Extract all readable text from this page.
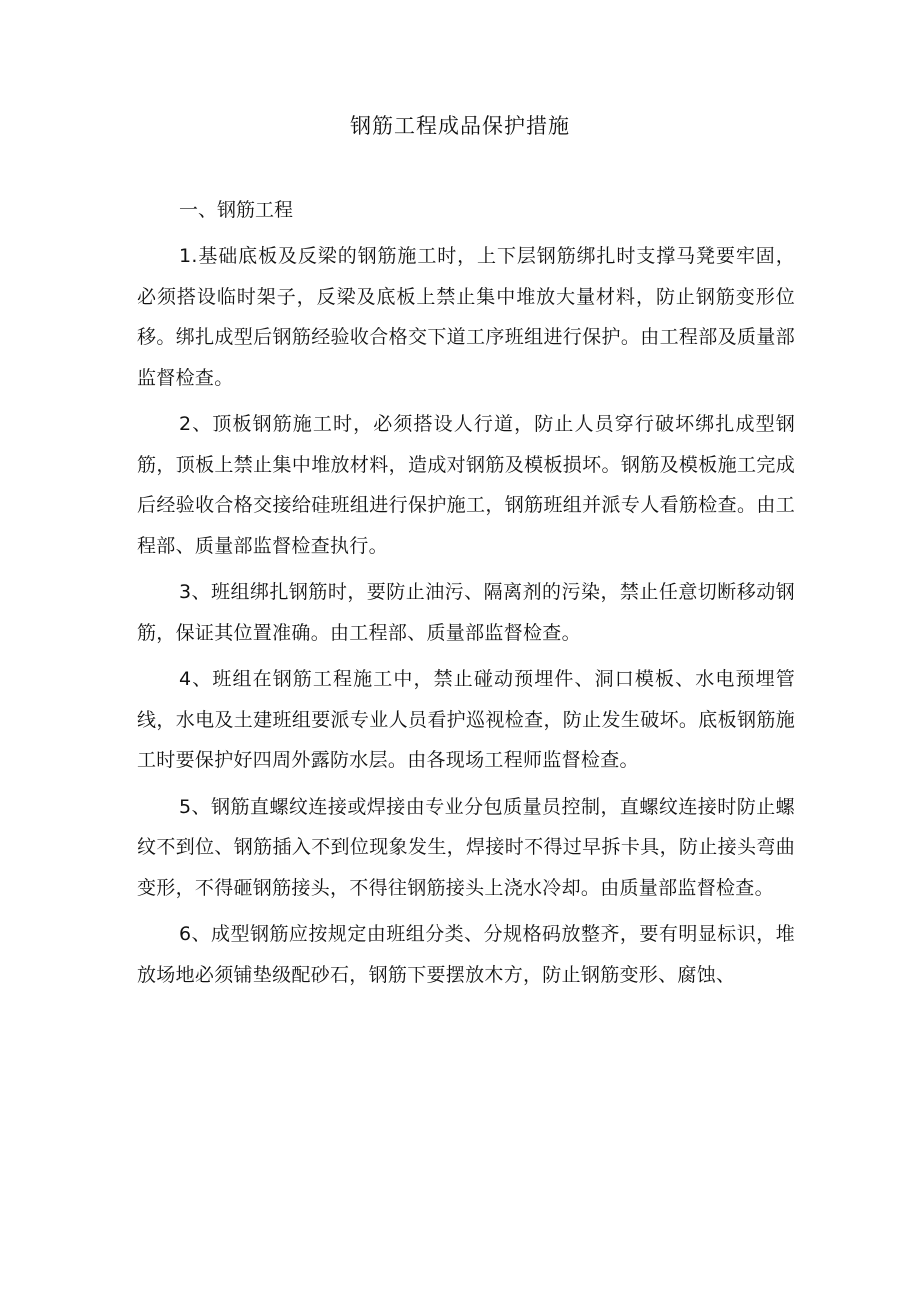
钢筋工程成品保护措施

一、钢筋工程

1.基础底板及反梁的钢筋施工时，上下层钢筋绑扎时支撑马凳要牢固，必须搭设临时架子，反梁及底板上禁止集中堆放大量材料，防止钢筋变形位移。绑扎成型后钢筋经验收合格交下道工序班组进行保护。由工程部及质量部监督检查。

2、顶板钢筋施工时，必须搭设人行道，防止人员穿行破坏绑扎成型钢筋，顶板上禁止集中堆放材料，造成对钢筋及模板损坏。钢筋及模板施工完成后经验收合格交接给硅班组进行保护施工，钢筋班组并派专人看筋检查。由工程部、质量部监督检查执行。

3、班组绑扎钢筋时，要防止油污、隔离剂的污染，禁止任意切断移动钢筋，保证其位置准确。由工程部、质量部监督检查。

4、班组在钢筋工程施工中，禁止碰动预埋件、洞口模板、水电预埋管线，水电及土建班组要派专业人员看护巡视检查，防止发生破坏。底板钢筋施工时要保护好四周外露防水层。由各现场工程师监督检查。

5、钢筋直螺纹连接或焊接由专业分包质量员控制，直螺纹连接时防止螺纹不到位、钢筋插入不到位现象发生，焊接时不得过早拆卡具，防止接头弯曲变形，不得砸钢筋接头，不得往钢筋接头上浇水冷却。由质量部监督检查。

6、成型钢筋应按规定由班组分类、分规格码放整齐，要有明显标识，堆放场地必须铺垫级配砂石，钢筋下要摆放木方，防止钢筋变形、腐蚀、
